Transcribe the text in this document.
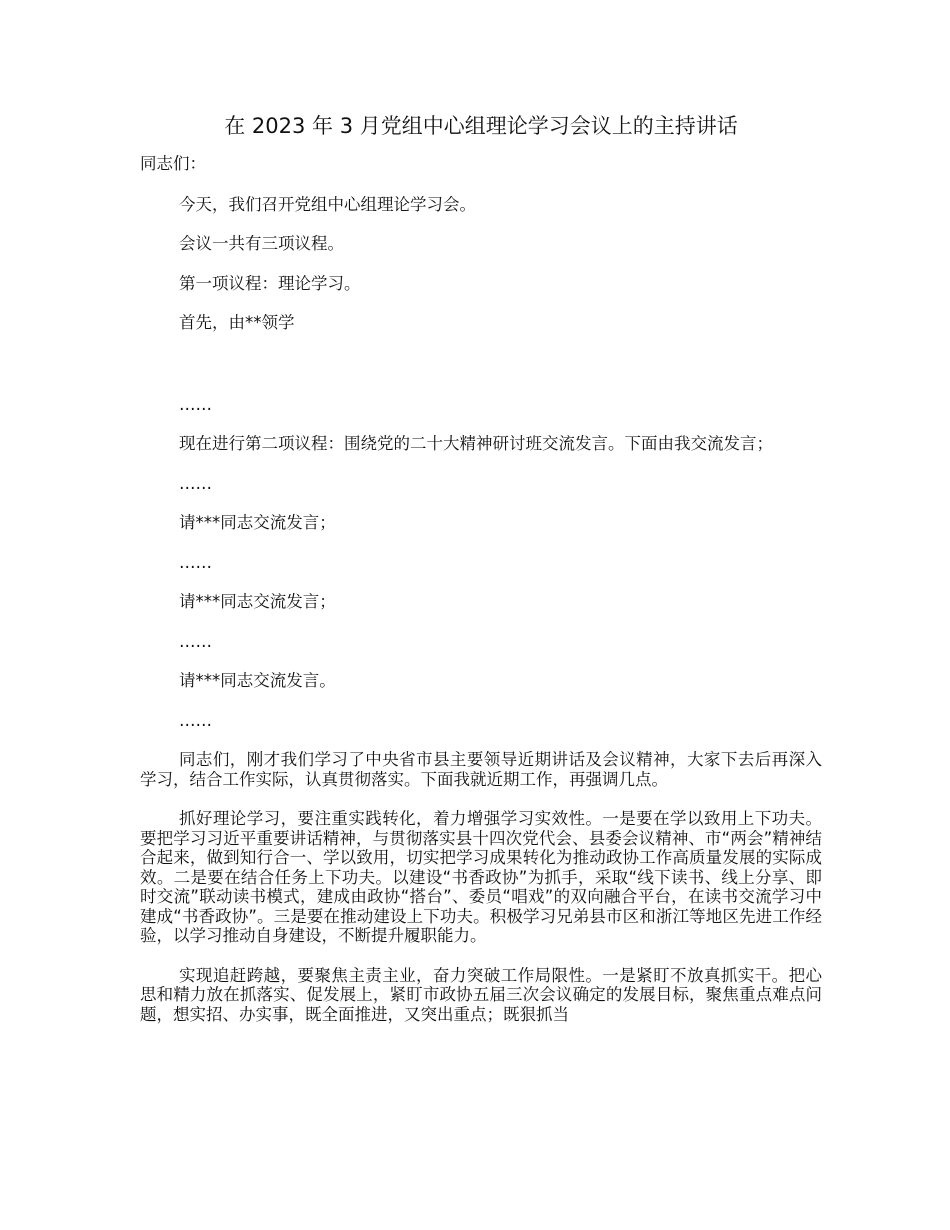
在 2023 年 3 月党组中心组理论学习会议上的主持讲话

同志们：

今天，我们召开党组中心组理论学习会。

会议一共有三项议程。

第一项议程：理论学习。

首先，由**领学

……

现在进行第二项议程：围绕党的二十大精神研讨班交流发言。下面由我交流发言；

……

请***同志交流发言；

……

请***同志交流发言；

……

请***同志交流发言。

……

同志们，刚才我们学习了中央省市县主要领导近期讲话及会议精神，大家下去后再深入学习，结合工作实际，认真贯彻落实。下面我就近期工作，再强调几点。

抓好理论学习，要注重实践转化，着力增强学习实效性。一是要在学以致用上下功夫。要把学习习近平重要讲话精神，与贯彻落实县十四次党代会、县委会议精神、市“两会”精神结合起来，做到知行合一、学以致用，切实把学习成果转化为推动政协工作高质量发展的实际成效。二是要在结合任务上下功夫。以建设“书香政协”为抓手，采取“线下读书、线上分享、即时交流”联动读书模式，建成由政协“搭台”、委员“唱戏”的双向融合平台，在读书交流学习中建成“书香政协”。三是要在推动建设上下功夫。积极学习兄弟县市区和浙江等地区先进工作经验，以学习推动自身建设，不断提升履职能力。

实现追赶跨越，要聚焦主责主业，奋力突破工作局限性。一是紧盯不放真抓实干。把心思和精力放在抓落实、促发展上，紧盯市政协五届三次会议确定的发展目标，聚焦重点难点问题，想实招、办实事，既全面推进，又突出重点；既狠抓当
